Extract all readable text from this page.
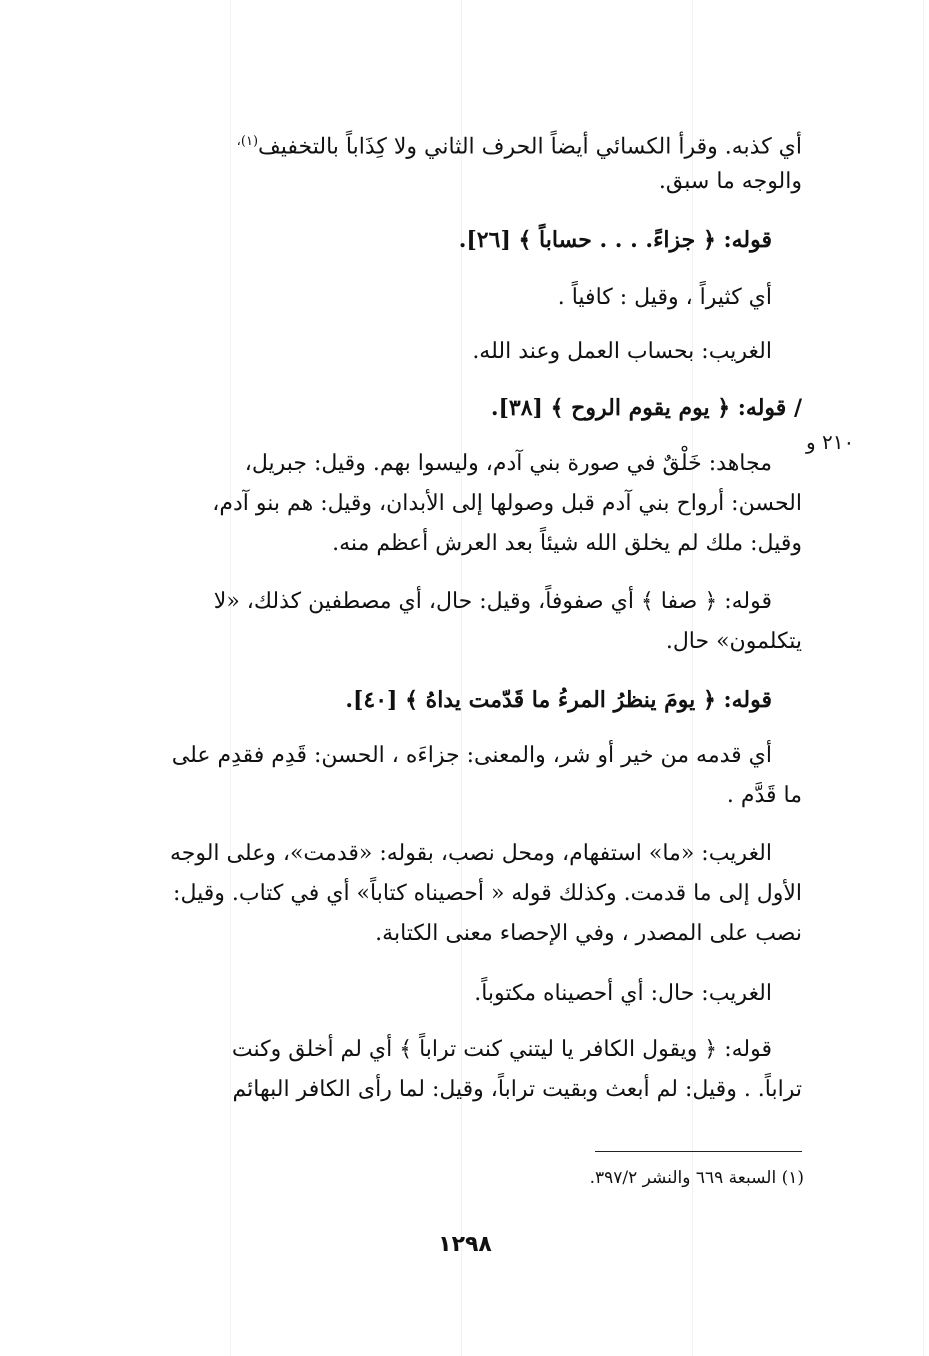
أي كذبه. وقرأ الكسائي أيضاً الحرف الثاني ولا كِذَاباً بالتخفيف$^{(١)،}$
والوجه ما سبق.
قوله: ﴿ جزاءً. . . . حساباً ﴾ [٢٦].
أي كثيراً ، وقيل : كافياً .
الغريب: بحساب العمل وعند الله.
/ قوله: ﴿ يوم يقوم الروح ﴾ [٣٨].
مجاهد: خَلْقٌ في صورة بني آدم، وليسوا بهم. وقيل: جبريل،
الحسن: أرواح بني آدم قبل وصولها إلى الأبدان، وقيل: هم بنو آدم،
وقيل: ملك لم يخلق الله شيئاً بعد العرش أعظم منه.
قوله: ﴿ صفا ﴾ أي صفوفاً، وقيل: حال، أي مصطفين كذلك، «لا
يتكلمون» حال.
قوله: ﴿ يومَ ينظرُ المرءُ ما قَدّمت يداهُ ﴾ [٤٠].
أي قدمه من خير أو شر، والمعنى: جزاءَه ، الحسن: قَدِم فقدِم على
ما قَدَّم .
الغريب: «ما» استفهام، ومحل نصب، بقوله: «قدمت»، وعلى الوجه
الأول إلى ما قدمت. وكذلك قوله « أحصيناه كتاباً» أي في كتاب. وقيل:
نصب على المصدر ، وفي الإحصاء معنى الكتابة.
الغريب: حال: أي أحصيناه مكتوباً.
قوله: ﴿ ويقول الكافر يا ليتني كنت تراباً ﴾ أي لم أخلق وكنت
تراباً. . وقيل: لم أبعث وبقيت تراباً، وقيل: لما رأى الكافر البهائم
٢١٠ و
(١) السبعة ٦٦٩ والنشر ٣٩٧/٢.
١٢٩٨
